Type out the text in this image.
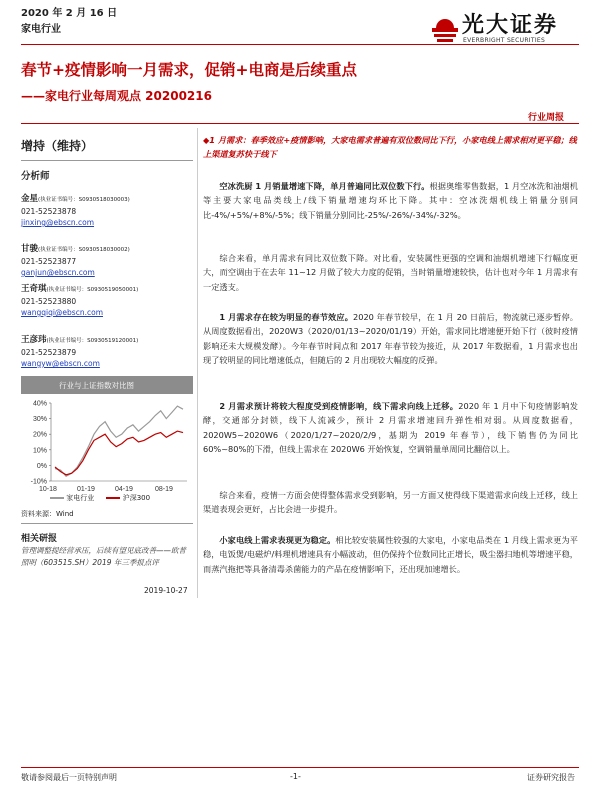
2020 年 2 月 16 日
家电行业	光大证券
EVERBRIGHT SECURITIES
春节+疫情影响一月需求，促销+电商是后续重点
——家电行业每周观点 20200216
行业周报
增持（维持）
分析师
金星(执业证书编号：S0930518030003)
021-52523878
jinxing@ebscn.com
甘骏(执业证书编号：S0930518030002)
021-52523877
ganjun@ebscn.com
王奇琪(执业证书编号：S0930519050001)
021-52523880
wangqiqi@ebscn.com
王彦玮(执业证书编号：S0930519120001)
021-52523879
wangyw@ebscn.com
行业与上证指数对比图
40%
30%
20%
10%
0%
-10%
10-18	01-19	04-19	08-19
家电行业	沪深300
资料来源：Wind
相关研报
管理调整提经营承压，后续有望见底改善——欧普照明（603515.SH）2019 年三季报点评
2019-10-27
◆1 月需求：春季效应+疫情影响，大家电需求普遍有双位数同比下行，小家电线上需求相对更平稳；线上渠道复苏快于线下
空冰洗厨 1 月销量增速下降，单月普遍同比双位数下行。根据奥维零售数据，1 月空冰洗和油烟机等主要大家电品类线上/线下销量增速均环比下降。其中：空冰洗烟机线上销量分别同比-4%/+5%/+8%/-5%；线下销量分别同比-25%/-26%/-34%/-32%。
综合来看，单月需求有同比双位数下降。对比看，安装属性更强的空调和油烟机增速下行幅度更大，而空调由于在去年 11~12 月做了较大力度的促销，当时销量增速较快，估计也对今年 1 月需求有一定透支。
1 月需求存在较为明显的春节效应。2020 年春节较早，在 1 月 20 日前后，物流就已逐步暂停。从周度数据看出，2020W3（2020/01/13~2020/01/19）开始，需求同比增速便开始下行（彼时疫情影响还未大规模发酵）。今年春节时间点和 2017 年春节较为接近，从 2017 年数据看，1 月需求也出现了较明显的同比增速低点，但随后的 2 月出现较大幅度的反弹。
2 月需求预计将较大程度受到疫情影响，线下需求向线上迁移。2020 年 1 月中下旬疫情影响发酵，交通部分封锁，线下人流减少，预计 2 月需求增速回升弹性相对弱。从周度数据看，2020W5~2020W6（2020/1/27~2020/2/9，基期为 2019 年春节），线下销售仍为同比 60%~80%的下滑，但线上需求在 2020W6 开始恢复，空调销量单周同比翻倍以上。
综合来看，疫情一方面会使得整体需求受到影响，另一方面又使得线下渠道需求向线上迁移，线上渠道表现会更好，占比会进一步提升。
小家电线上需求表现更为稳定。相比较安装属性较强的大家电，小家电品类在 1 月线上需求更为平稳，电饭煲/电磁炉/料理机增速具有小幅波动，但仍保持个位数同比正增长，吸尘器扫地机等增速平稳，而蒸汽拖把等具备清毒杀菌能力的产品在疫情影响下，还出现加速增长。
敬请参阅最后一页特别声明	-1-	证券研究报告
